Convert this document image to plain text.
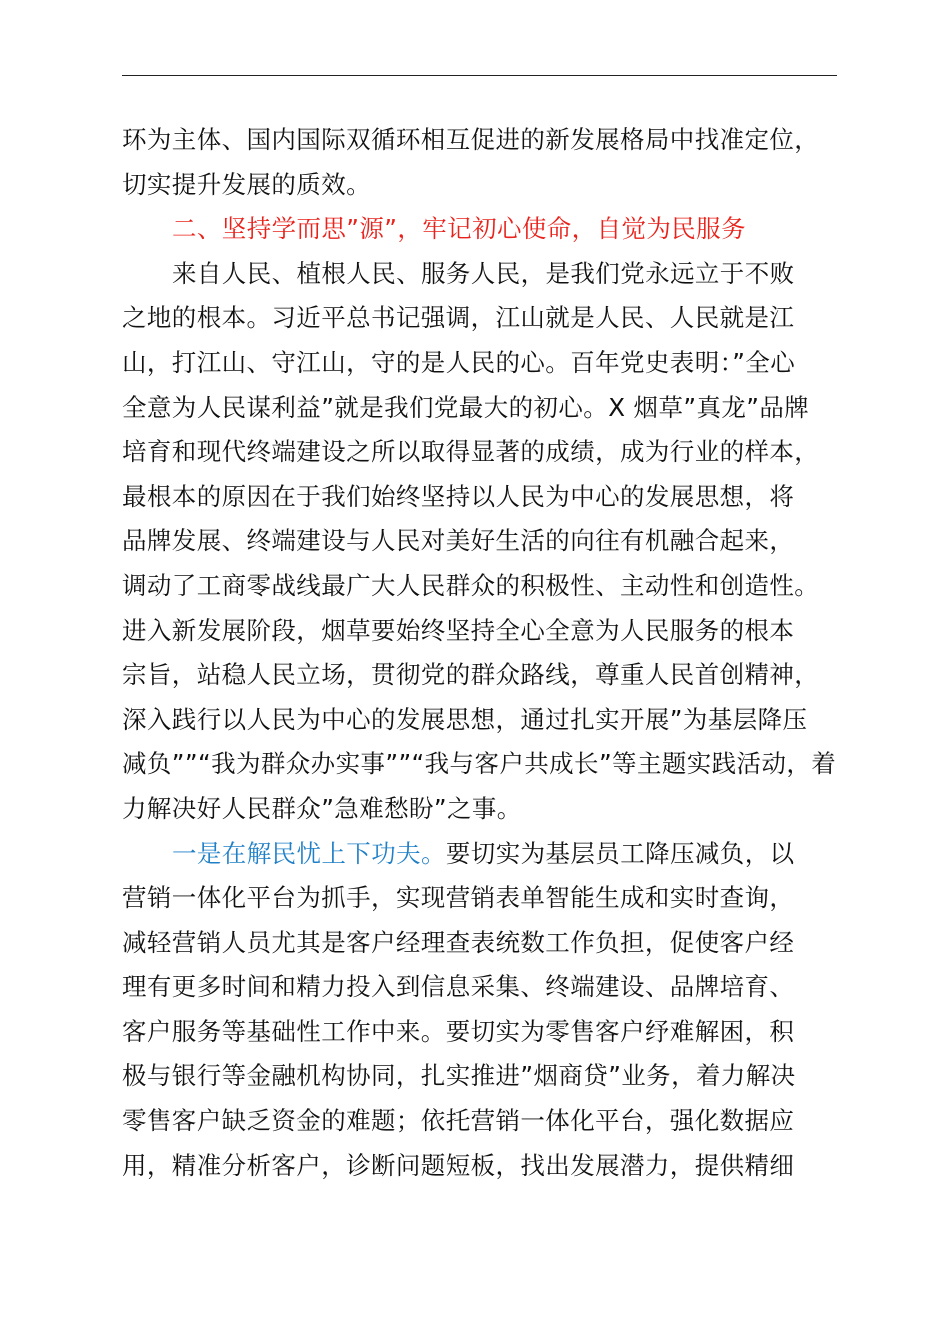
环为主体、国内国际双循环相互促进的新发展格局中找准定位，
切实提升发展的质效。
二、坚持学而思”源”，牢记初心使命，自觉为民服务
来自人民、植根人民、服务人民，是我们党永远立于不败
之地的根本。习近平总书记强调，江山就是人民、人民就是江
山，打江山、守江山，守的是人民的心。百年党史表明：”全心
全意为人民谋利益”就是我们党最大的初心。X 烟草”真龙”品牌
培育和现代终端建设之所以取得显著的成绩，成为行业的样本，
最根本的原因在于我们始终坚持以人民为中心的发展思想，将
品牌发展、终端建设与人民对美好生活的向往有机融合起来，
调动了工商零战线最广大人民群众的积极性、主动性和创造性。
进入新发展阶段，烟草要始终坚持全心全意为人民服务的根本
宗旨，站稳人民立场，贯彻党的群众路线，尊重人民首创精神，
深入践行以人民为中心的发展思想，通过扎实开展”为基层降压
减负””“我为群众办实事””“我与客户共成长”等主题实践活动，着
力解决好人民群众”急难愁盼”之事。
一是在解民忧上下功夫。要切实为基层员工降压减负，以
营销一体化平台为抓手，实现营销表单智能生成和实时查询，
减轻营销人员尤其是客户经理查表统数工作负担，促使客户经
理有更多时间和精力投入到信息采集、终端建设、品牌培育、
客户服务等基础性工作中来。要切实为零售客户纾难解困，积
极与银行等金融机构协同，扎实推进”烟商贷”业务，着力解决
零售客户缺乏资金的难题；依托营销一体化平台，强化数据应
用，精准分析客户，诊断问题短板，找出发展潜力，提供精细
